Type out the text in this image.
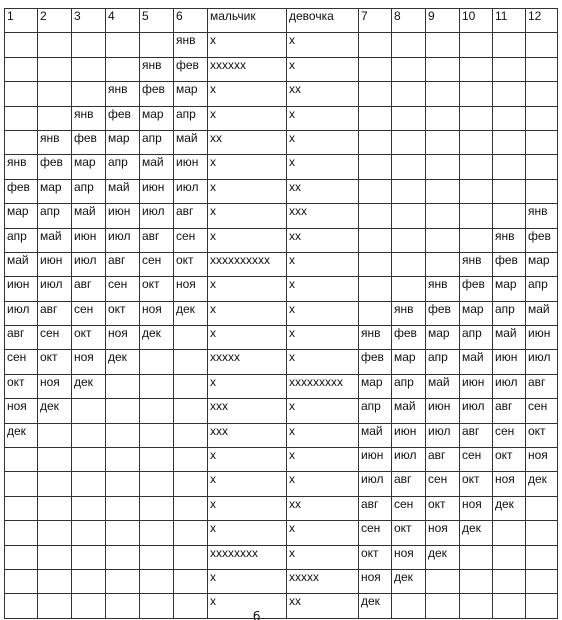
1	2	3	4	5	6	мальчик	девочка	7	8	9	10	11	12
					янв	x	x						
				янв	фев	xxxxxx	x						
			янв	фев	мар	x	xx						
		янв	фев	мар	апр	x	x						
	янв	фев	мар	апр	май	xx	x						
янв	фев	мар	апр	май	июн	x	x						
фев	мар	апр	май	июн	июл	x	xx						
мар	апр	май	июн	июл	авг	x	xxx						янв
апр	май	июн	июл	авг	сен	x	xx					янв	фев
май	июн	июл	авг	сен	окт	xxxxxxxxxx	x				янв	фев	мар
июн	июл	авг	сен	окт	ноя	x	x			янв	фев	мар	апр
июл	авг	сен	окт	ноя	дек	x	x		янв	фев	мар	апр	май
авг	сен	окт	ноя	дек		x	x	янв	фев	мар	апр	май	июн
сен	окт	ноя	дек			xxxxx	x	фев	мар	апр	май	июн	июл
окт	ноя	дек				x	xxxxxxxxx	мар	апр	май	июн	июл	авг
ноя	дек					xxx	x	апр	май	июн	июл	авг	сен
дек						xxx	x	май	июн	июл	авг	сен	окт
						x	x	июн	июл	авг	сен	окт	ноя
						x	x	июл	авг	сен	окт	ноя	дек
						x	xx	авг	сен	окт	ноя	дек	
						x	x	сен	окт	ноя	дек		
						xxxxxxxx	x	окт	ноя	дек			
						x	xxxxx	ноя	дек				
						x	xx	дек					
б
